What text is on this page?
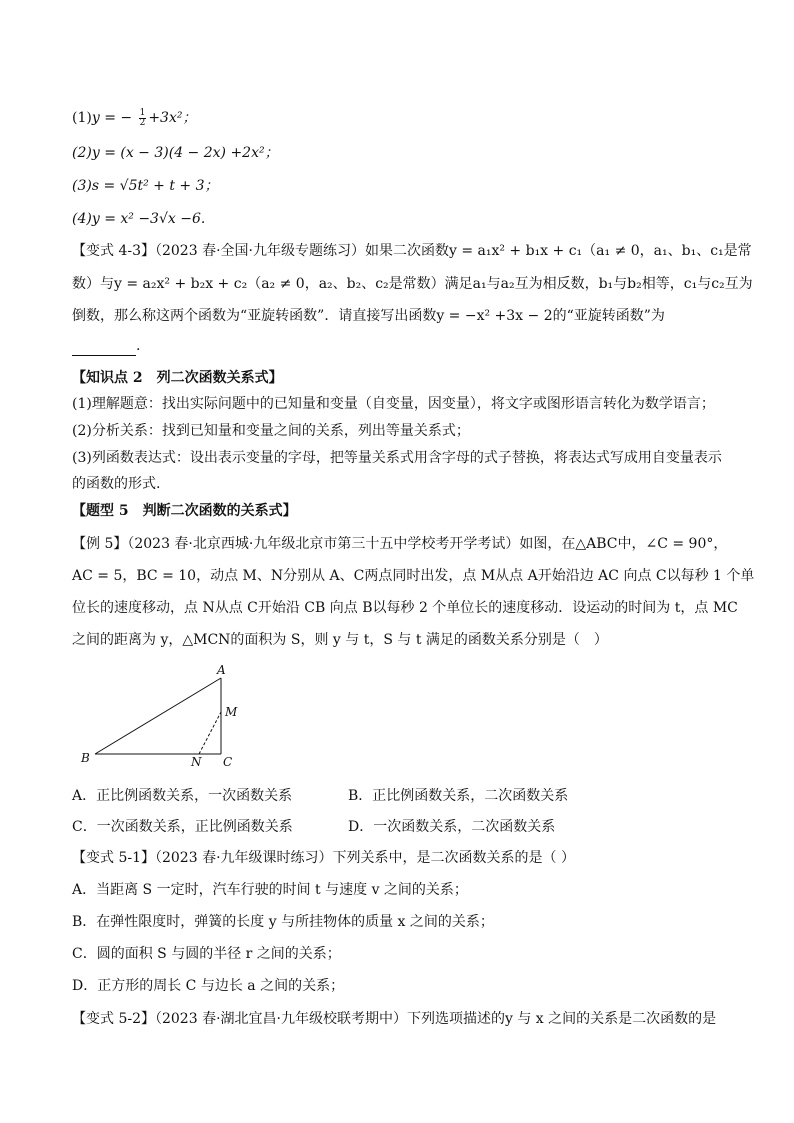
(1)y = − $\frac{1}{2} +3x^2$；
(2)y = (x − 3)(4 − 2x) +2x²；
(3)s = √5t² + t + 3；
(4)y = x² −3√x −6.
【变式 4-3】（2023 春·全国·九年级专题练习）如果二次函数y = a₁x² + b₁x + c₁（a₁ ≠ 0，a₁、b₁、c₁是常
数）与y = a₂x² + b₂x + c₂（a₂ ≠ 0，a₂、b₂、c₂是常数）满足a₁与a₂互为相反数，b₁与b₂相等，c₁与c₂互为
倒数，那么称这两个函数为“亚旋转函数”．请直接写出函数y = −x² +3x − 2的“亚旋转函数”为
.
【知识点 2　列二次函数关系式】
(1)理解题意：找出实际问题中的已知量和变量（自变量，因变量），将文字或图形语言转化为数学语言；
(2)分析关系：找到已知量和变量之间的关系，列出等量关系式；
(3)列函数表达式：设出表示变量的字母，把等量关系式用含字母的式子替换，将表达式写成用自变量表示
的函数的形式.
【题型 5　判断二次函数的关系式】
【例 5】（2023 春·北京西城·九年级北京市第三十五中学校考开学考试）如图，在△ABC中，∠C = 90°，
AC = 5，BC = 10，动点 M、N分别从 A、C两点同时出发，点 M从点 A开始沿边 AC 向点 C以每秒 1 个单
位长的速度移动，点 N从点 C开始沿 CB 向点 B以每秒 2 个单位长的速度移动．设运动的时间为 t，点 MC
之间的距离为 y，△MCN的面积为 S，则 y 与 t，S 与 t 满足的函数关系分别是（　）
A
B	C
M
N
A．正比例函数关系，一次函数关系	B．正比例函数关系，二次函数关系
C．一次函数关系，正比例函数关系	D．一次函数关系，二次函数关系
【变式 5-1】（2023 春·九年级课时练习）下列关系中，是二次函数关系的是（ ）
A．当距离 S 一定时，汽车行驶的时间 t 与速度 v 之间的关系；
B．在弹性限度时，弹簧的长度 y 与所挂物体的质量 x 之间的关系；
C．圆的面积 S 与圆的半径 r 之间的关系；
D．正方形的周长 C 与边长 a 之间的关系；
【变式 5-2】（2023 春·湖北宜昌·九年级校联考期中）下列选项描述的y 与 x 之间的关系是二次函数的是
